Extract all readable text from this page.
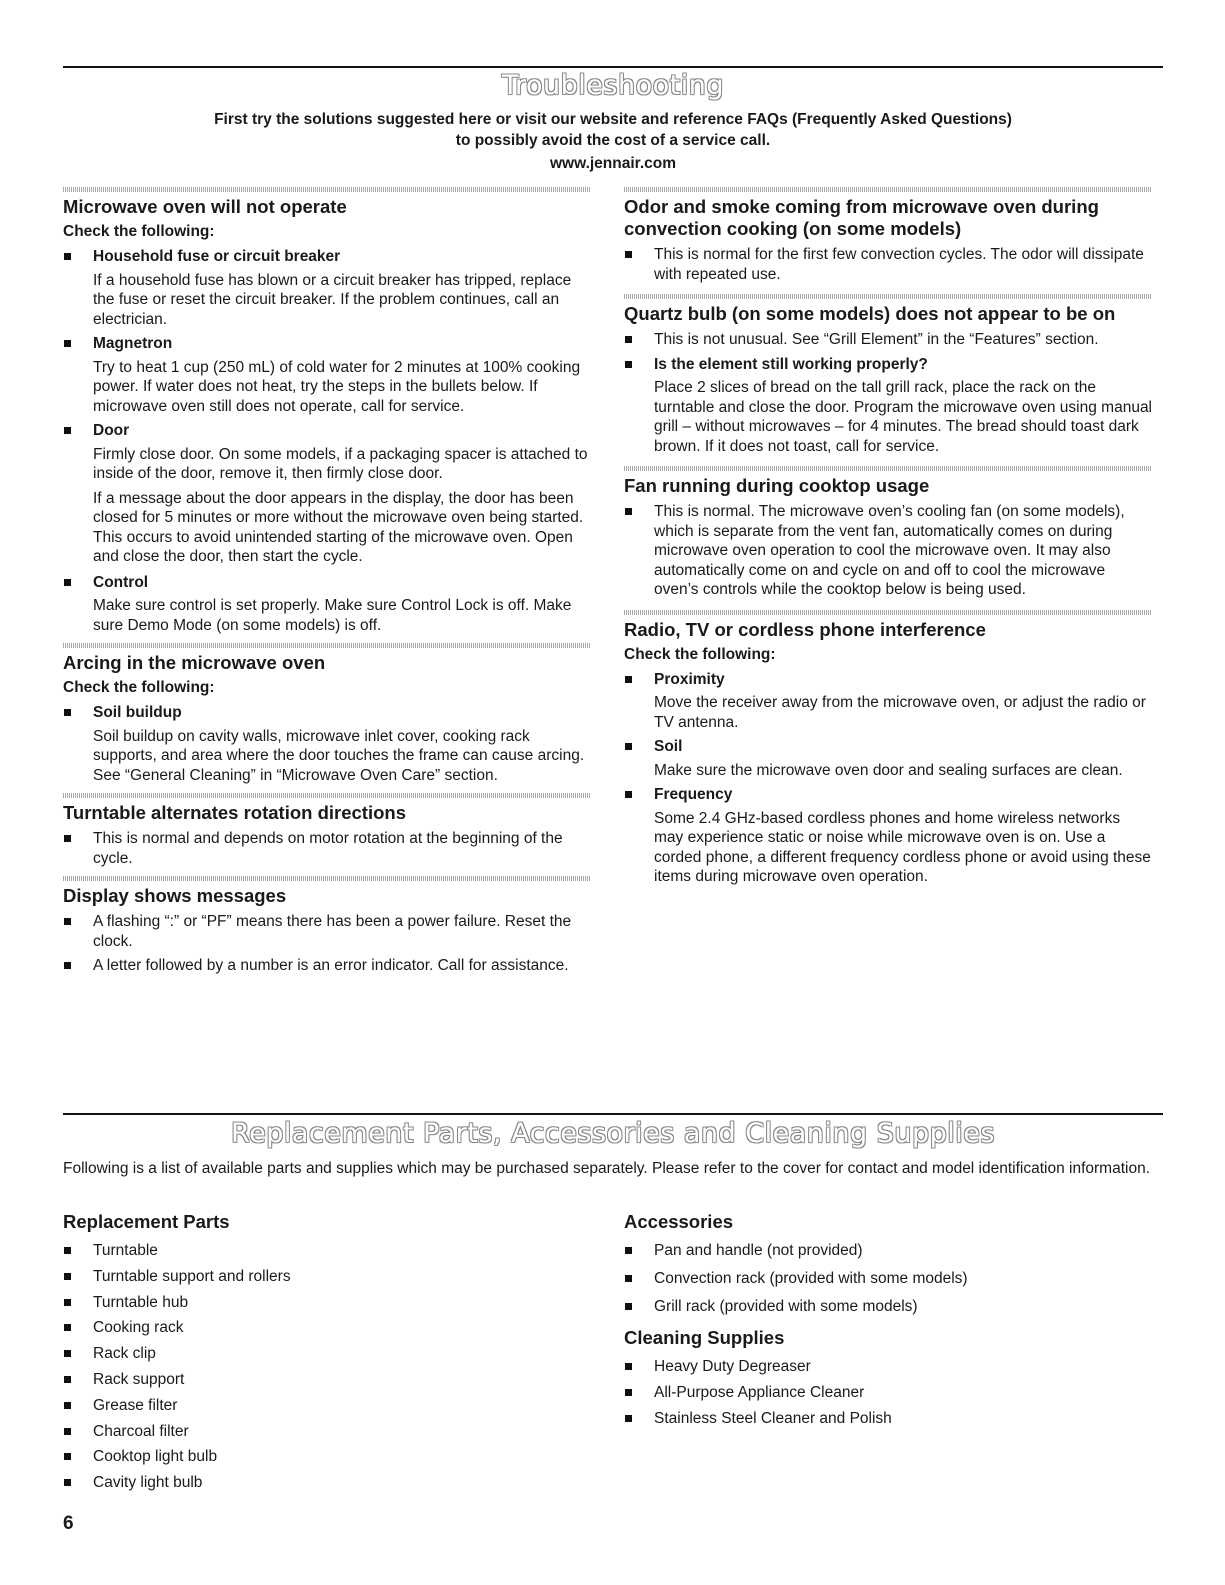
Troubleshooting
First try the solutions suggested here or visit our website and reference FAQs (Frequently Asked Questions)
to possibly avoid the cost of a service call.
www.jennair.com
Microwave oven will not operate
Check the following:
Household fuse or circuit breaker
If a household fuse has blown or a circuit breaker has tripped, replace the fuse or reset the circuit breaker. If the problem continues, call an electrician.
Magnetron
Try to heat 1 cup (250 mL) of cold water for 2 minutes at 100% cooking power. If water does not heat, try the steps in the bullets below. If microwave oven still does not operate, call for service.
Door
Firmly close door. On some models, if a packaging spacer is attached to inside of the door, remove it, then firmly close door.
If a message about the door appears in the display, the door has been closed for 5 minutes or more without the microwave oven being started. This occurs to avoid unintended starting of the microwave oven. Open and close the door, then start the cycle.
Control
Make sure control is set properly. Make sure Control Lock is off. Make sure Demo Mode (on some models) is off.
Arcing in the microwave oven
Check the following:
Soil buildup
Soil buildup on cavity walls, microwave inlet cover, cooking rack supports, and area where the door touches the frame can cause arcing. See “General Cleaning” in “Microwave Oven Care” section.
Turntable alternates rotation directions
This is normal and depends on motor rotation at the beginning of the cycle.
Display shows messages
A flashing “:” or “PF” means there has been a power failure. Reset the clock.
A letter followed by a number is an error indicator. Call for assistance.
Odor and smoke coming from microwave oven during convection cooking (on some models)
This is normal for the first few convection cycles. The odor will dissipate with repeated use.
Quartz bulb (on some models) does not appear to be on
This is not unusual. See “Grill Element” in the “Features” section.
Is the element still working properly?
Place 2 slices of bread on the tall grill rack, place the rack on the turntable and close the door. Program the microwave oven using manual grill – without microwaves – for 4 minutes. The bread should toast dark brown. If it does not toast, call for service.
Fan running during cooktop usage
This is normal. The microwave oven’s cooling fan (on some models), which is separate from the vent fan, automatically comes on during microwave oven operation to cool the microwave oven. It may also automatically come on and cycle on and off to cool the microwave oven’s controls while the cooktop below is being used.
Radio, TV or cordless phone interference
Check the following:
Proximity
Move the receiver away from the microwave oven, or adjust the radio or TV antenna.
Soil
Make sure the microwave oven door and sealing surfaces are clean.
Frequency
Some 2.4 GHz-based cordless phones and home wireless networks may experience static or noise while microwave oven is on. Use a corded phone, a different frequency cordless phone or avoid using these items during microwave oven operation.
Replacement Parts, Accessories and Cleaning Supplies
Following is a list of available parts and supplies which may be purchased separately. Please refer to the cover for contact and model identification information.
Replacement Parts
Turntable
Turntable support and rollers
Turntable hub
Cooking rack
Rack clip
Rack support
Grease filter
Charcoal filter
Cooktop light bulb
Cavity light bulb
Accessories
Pan and handle (not provided)
Convection rack (provided with some models)
Grill rack (provided with some models)
Cleaning Supplies
Heavy Duty Degreaser
All-Purpose Appliance Cleaner
Stainless Steel Cleaner and Polish
6
